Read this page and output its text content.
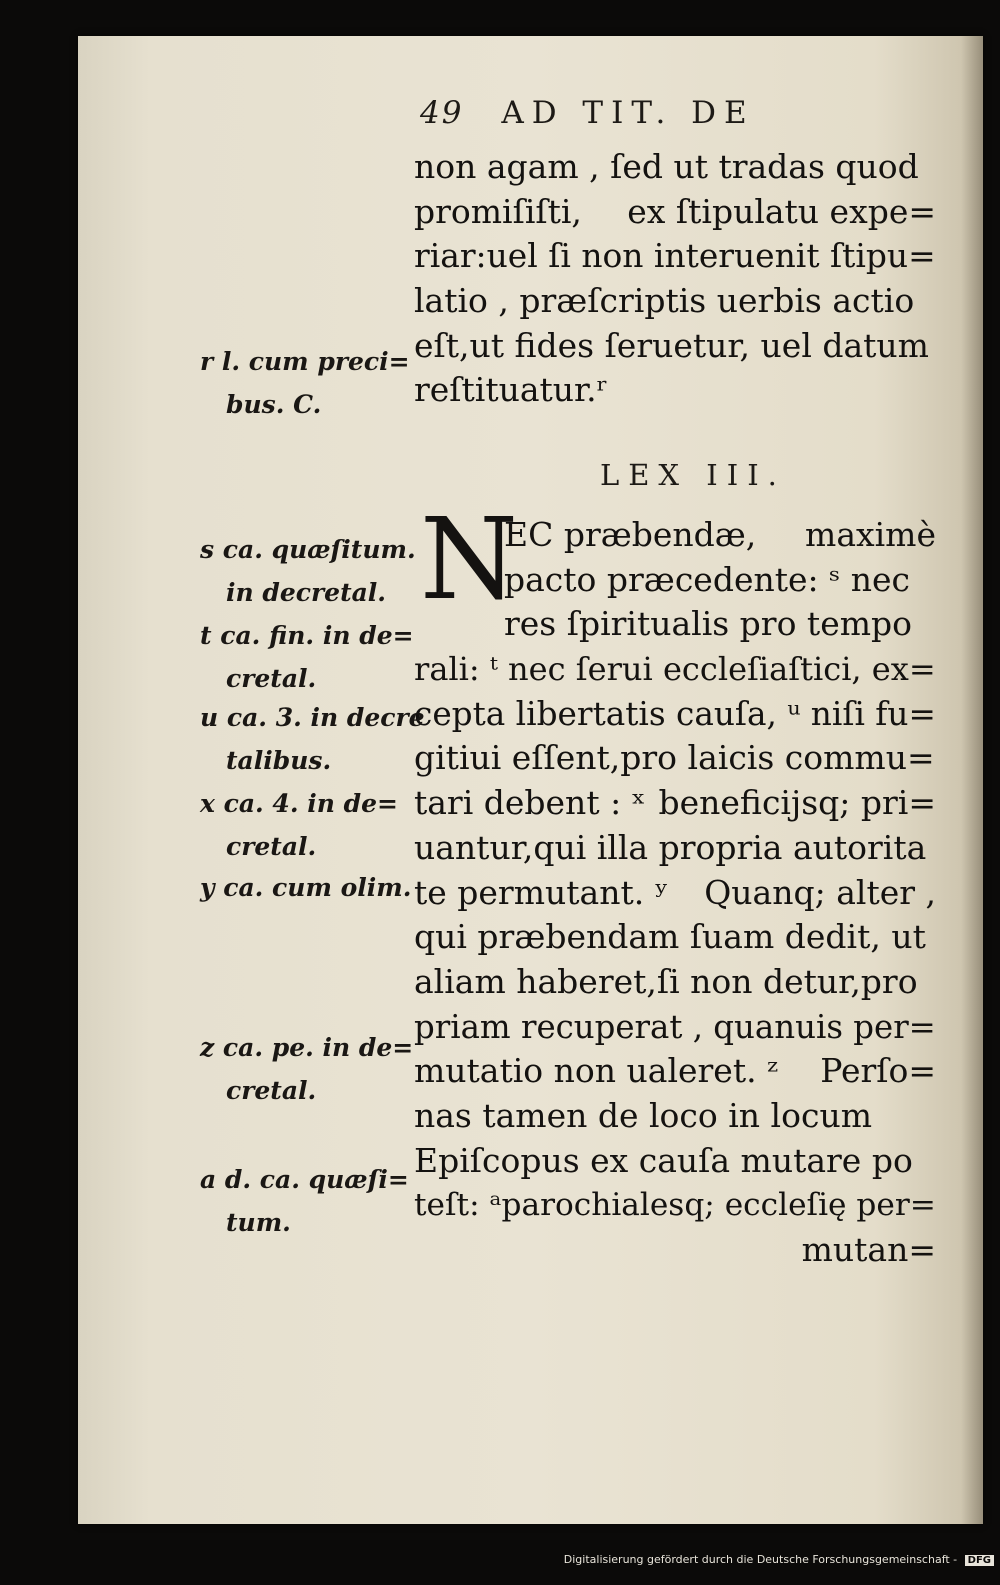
49 AD TIT. DE
non agam , ſed ut tradas quod
promiſiſti, ex ſtipulatu expe=
riar:uel ſi non interuenit ſtipu=
latio , præſcriptis uerbis actio
eſt,ut fides ſeruetur, uel datum
reſtituatur.ʳ
LEX III.
N
EC præbendæ, maximè
pacto præcedente: ˢ nec
res ſpiritualis pro tempo
rali: ᵗ nec ſerui eccleſiaſtici, ex=
cepta libertatis cauſa, ᵘ niſi fu=
gitiui eſſent,pro laicis commu=
tari debent : ˣ beneficijsq; pri=
uantur,qui illa propria autorita
te permutant. ʸ Quanq; alter ,
qui præbendam ſuam dedit, ut
aliam haberet,ſi non detur,pro
priam recuperat , quanuis per=
mutatio non ualeret. ᶻ Perſo=
nas tamen de loco in locum
Epiſcopus ex cauſa mutare po
teſt: ᵃparochialesq; eccleſię per=
mutan=
r l. cum preci=
bus. C.
s ca. quæſitum.
in decretal.
t ca. fin. in de=
cretal.
u ca. 3. in decre
talibus.
x ca. 4. in de=
cretal.
y ca. cum olim.
z ca. pe. in de=
cretal.
a d. ca. quæſi=
tum.
Digitalisierung gefördert durch die Deutsche Forschungsgemeinschaft - DFG
